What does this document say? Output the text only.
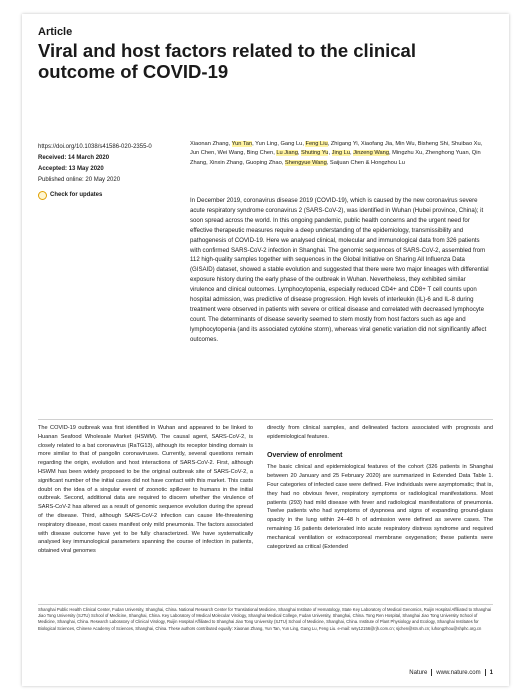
Article
Viral and host factors related to the clinical outcome of COVID-19
https://doi.org/10.1038/s41586-020-2355-0
Received: 14 March 2020
Accepted: 13 May 2020
Published online: 20 May 2020
Check for updates
Xiaonan Zhang, Yun Tan, Yun Ling, Gang Lu, Feng Liu, Zhigang Yi, Xiaofang Jia, Min Wu, Bisheng Shi, Shuibao Xu, Jun Chen, Wei Wang, Bing Chen, Lu Jiang, Shuting Yu, Jing Lu, Jinzeng Wang, Mingzhu Xu, Zhenghong Yuan, Qin Zhang, Xinxin Zhang, Guoping Zhao, Shengyue Wang, Saijuan Chen & Hongzhou Lu
In December 2019, coronavirus disease 2019 (COVID-19), which is caused by the new coronavirus severe acute respiratory syndrome coronavirus 2 (SARS-CoV-2), was identified in Wuhan (Hubei province, China); it soon spread across the world. In this ongoing pandemic, public health concerns and the urgent need for effective therapeutic measures require a deep understanding of the epidemiology, transmissibility and pathogenesis of COVID-19. Here we analysed clinical, molecular and immunological data from 326 patients with confirmed SARS-CoV-2 infection in Shanghai. The genomic sequences of SARS-CoV-2, assembled from 112 high-quality samples together with sequences in the Global Initiative on Sharing All Influenza Data (GISAID) dataset, showed a stable evolution and suggested that there were two major lineages with differential exposure history during the early phase of the outbreak in Wuhan. Nevertheless, they exhibited similar virulence and clinical outcomes. Lymphocytopenia, especially reduced CD4+ and CD8+ T cell counts upon hospital admission, was predictive of disease progression. High levels of interleukin (IL)-6 and IL-8 during treatment were observed in patients with severe or critical disease and correlated with decreased lymphocyte count. The determinants of disease severity seemed to stem mostly from host factors such as age and lymphocytopenia (and its associated cytokine storm), whereas viral genetic variation did not significantly affect outcomes.

The COVID-19 outbreak was first identified in Wuhan and appeared to be linked to Huanan Seafood Wholesale Market (HSWM). The causal agent, SARS-CoV-2, is closely related to a bat coronavirus (RaTG13), although its receptor binding domain is more similar to that of pangolin coronaviruses. Currently, several questions remain regarding the origin, evolution and host interactions of SARS-CoV-2. First, although HSWM has been widely proposed to be the original outbreak site of SARS-CoV-2, a significant number of the initial cases did not have contact with this market. This casts doubt on the idea of a singular event of zoonotic spillover to humans in the initial outbreak. Second, additional data are required to discern whether the virulence of SARS-CoV-2 has altered as a result of genomic sequence evolution during the spread of the disease. Third, although SARS-CoV-2 infection can cause life-threatening respiratory disease, most cases manifest only mild pneumonia. The factors associated with disease outcome have yet to be fully characterized. We have systematically analysed key immunological parameters spanning the course of infection in patients, obtained viral genomes

directly from clinical samples, and delineated factors associated with prognosis and epidemiological features.

Overview of enrolment

The basic clinical and epidemiological features of the cohort (326 patients in Shanghai between 20 January and 25 February 2020) are summarized in Extended Data Table 1. Four categories of infected case were defined. Five individuals were asymptomatic; that is, they had no obvious fever, respiratory symptoms or radiological manifestations. Most patients (293) had mild disease with fever and radiological manifestations of pneumonia. Twelve patients who had symptoms of dyspnoea and signs of expanding ground-glass opacity in the lung within 24–48 h of admission were defined as severe cases. The remaining 16 patients deteriorated into acute respiratory distress syndrome and required mechanical ventilation or extracorporeal membrane oxygenation; these patients were categorized as critical (Extended

Shanghai Public Health Clinical Center, Fudan University, Shanghai, China. National Research Center for Translational Medicine, Shanghai Institute of Hematology, State Key Laboratory of Medical Genomics, Ruijin Hospital Affiliated to Shanghai Jiao Tong University (SJTU) School of Medicine, Shanghai, China. Key Laboratory of Medical Molecular Virology, Shanghai Medical College, Fudan University, Shanghai, China. Tong Ren Hospital, Shanghai Jiao Tong University School of Medicine, Shanghai, China. Research Laboratory of Clinical Virology, Ruijin Hospital Affiliated to Shanghai Jiao Tong University (SJTU) School of Medicine, Shanghai, China. Institute of Plant Physiology and Ecology, Shanghai Institutes for Biological Sciences, Chinese Academy of Sciences, Shanghai, China. These authors contributed equally: Xiaonan Zhang, Yun Tan, Yun Ling, Gang Lu, Feng Liu. e-mail: wsy12156@rjh.com.cn; sjchen@stn.sh.cn; luhongzhou@shphc.org.cn
Nature www.nature.com 1
